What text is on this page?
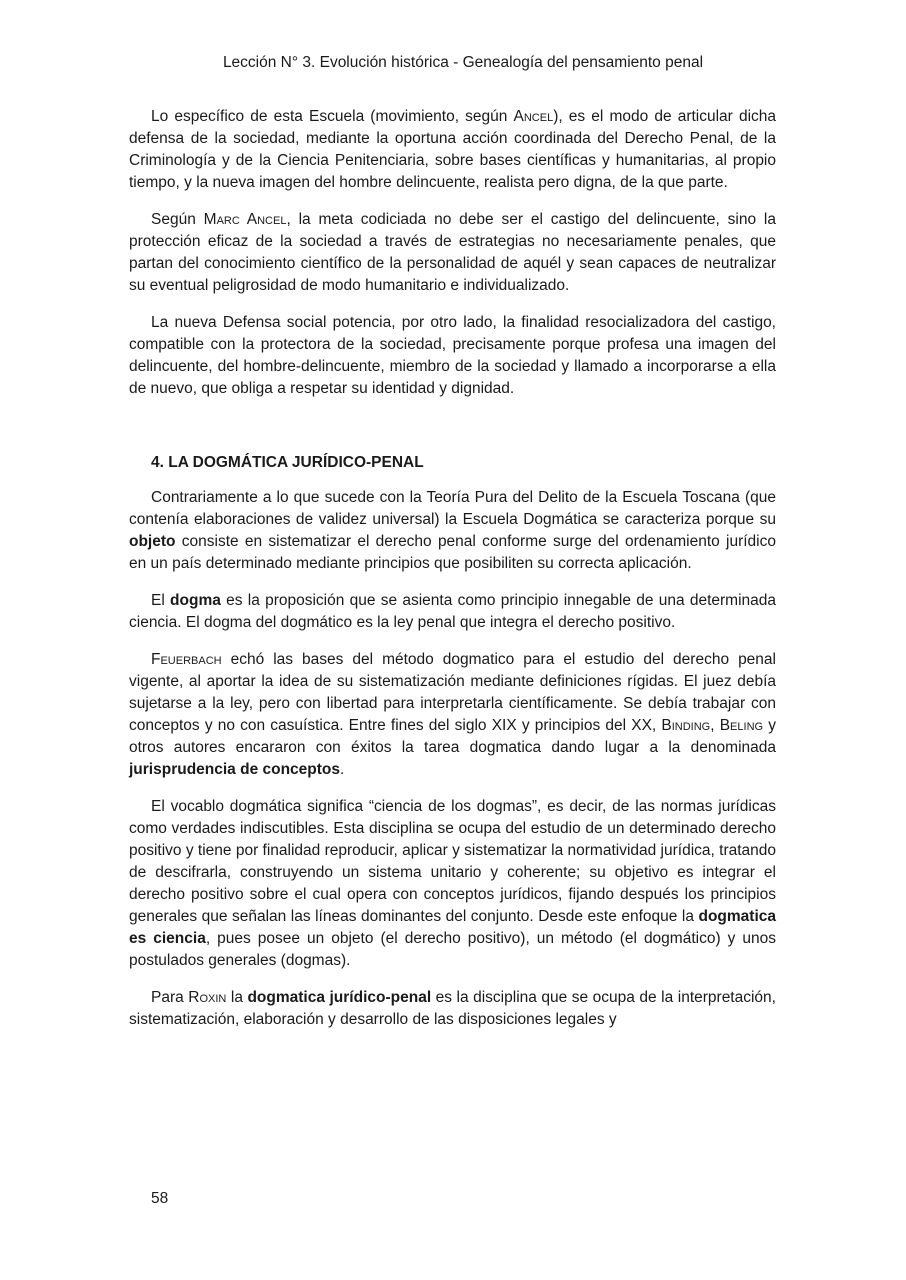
Lección N° 3. Evolución histórica - Genealogía del pensamiento penal

Lo específico de esta Escuela (movimiento, según Ancel), es el modo de articular dicha defensa de la sociedad, mediante la oportuna acción coordinada del Derecho Penal, de la Criminología y de la Ciencia Penitenciaria, sobre bases científicas y humanitarias, al propio tiempo, y la nueva imagen del hombre delincuente, realista pero digna, de la que parte.

Según Marc Ancel, la meta codiciada no debe ser el castigo del delincuente, sino la protección eficaz de la sociedad a través de estrategias no necesariamente penales, que partan del conocimiento científico de la personalidad de aquél y sean capaces de neutralizar su eventual peligrosidad de modo humanitario e individualizado.

La nueva Defensa social potencia, por otro lado, la finalidad resocializadora del castigo, compatible con la protectora de la sociedad, precisamente porque profesa una imagen del delincuente, del hombre-delincuente, miembro de la sociedad y llamado a incorporarse a ella de nuevo, que obliga a respetar su identidad y dignidad.

4. LA DOGMÁTICA JURÍDICO-PENAL

Contrariamente a lo que sucede con la Teoría Pura del Delito de la Escuela Toscana (que contenía elaboraciones de validez universal) la Escuela Dogmática se caracteriza porque su objeto consiste en sistematizar el derecho penal conforme surge del ordenamiento jurídico en un país determinado mediante principios que posibiliten su correcta aplicación.

El dogma es la proposición que se asienta como principio innegable de una determinada ciencia. El dogma del dogmático es la ley penal que integra el derecho positivo.

Feuerbach echó las bases del método dogmatico para el estudio del derecho penal vigente, al aportar la idea de su sistematización mediante definiciones rígidas. El juez debía sujetarse a la ley, pero con libertad para interpretarla científicamente. Se debía trabajar con conceptos y no con casuística. Entre fines del siglo XIX y principios del XX, Binding, Beling y otros autores encararon con éxitos la tarea dogmatica dando lugar a la denominada jurisprudencia de conceptos.

El vocablo dogmática significa “ciencia de los dogmas”, es decir, de las normas jurídicas como verdades indiscutibles. Esta disciplina se ocupa del estudio de un determinado derecho positivo y tiene por finalidad reproducir, aplicar y sistematizar la normatividad jurídica, tratando de descifrarla, construyendo un sistema unitario y coherente; su objetivo es integrar el derecho positivo sobre el cual opera con conceptos jurídicos, fijando después los principios generales que señalan las líneas dominantes del conjunto. Desde este enfoque la dogmatica es ciencia, pues posee un objeto (el derecho positivo), un método (el dogmático) y unos postulados generales (dogmas).

Para Roxin la dogmatica jurídico-penal es la disciplina que se ocupa de la interpretación, sistematización, elaboración y desarrollo de las disposiciones legales y

58
